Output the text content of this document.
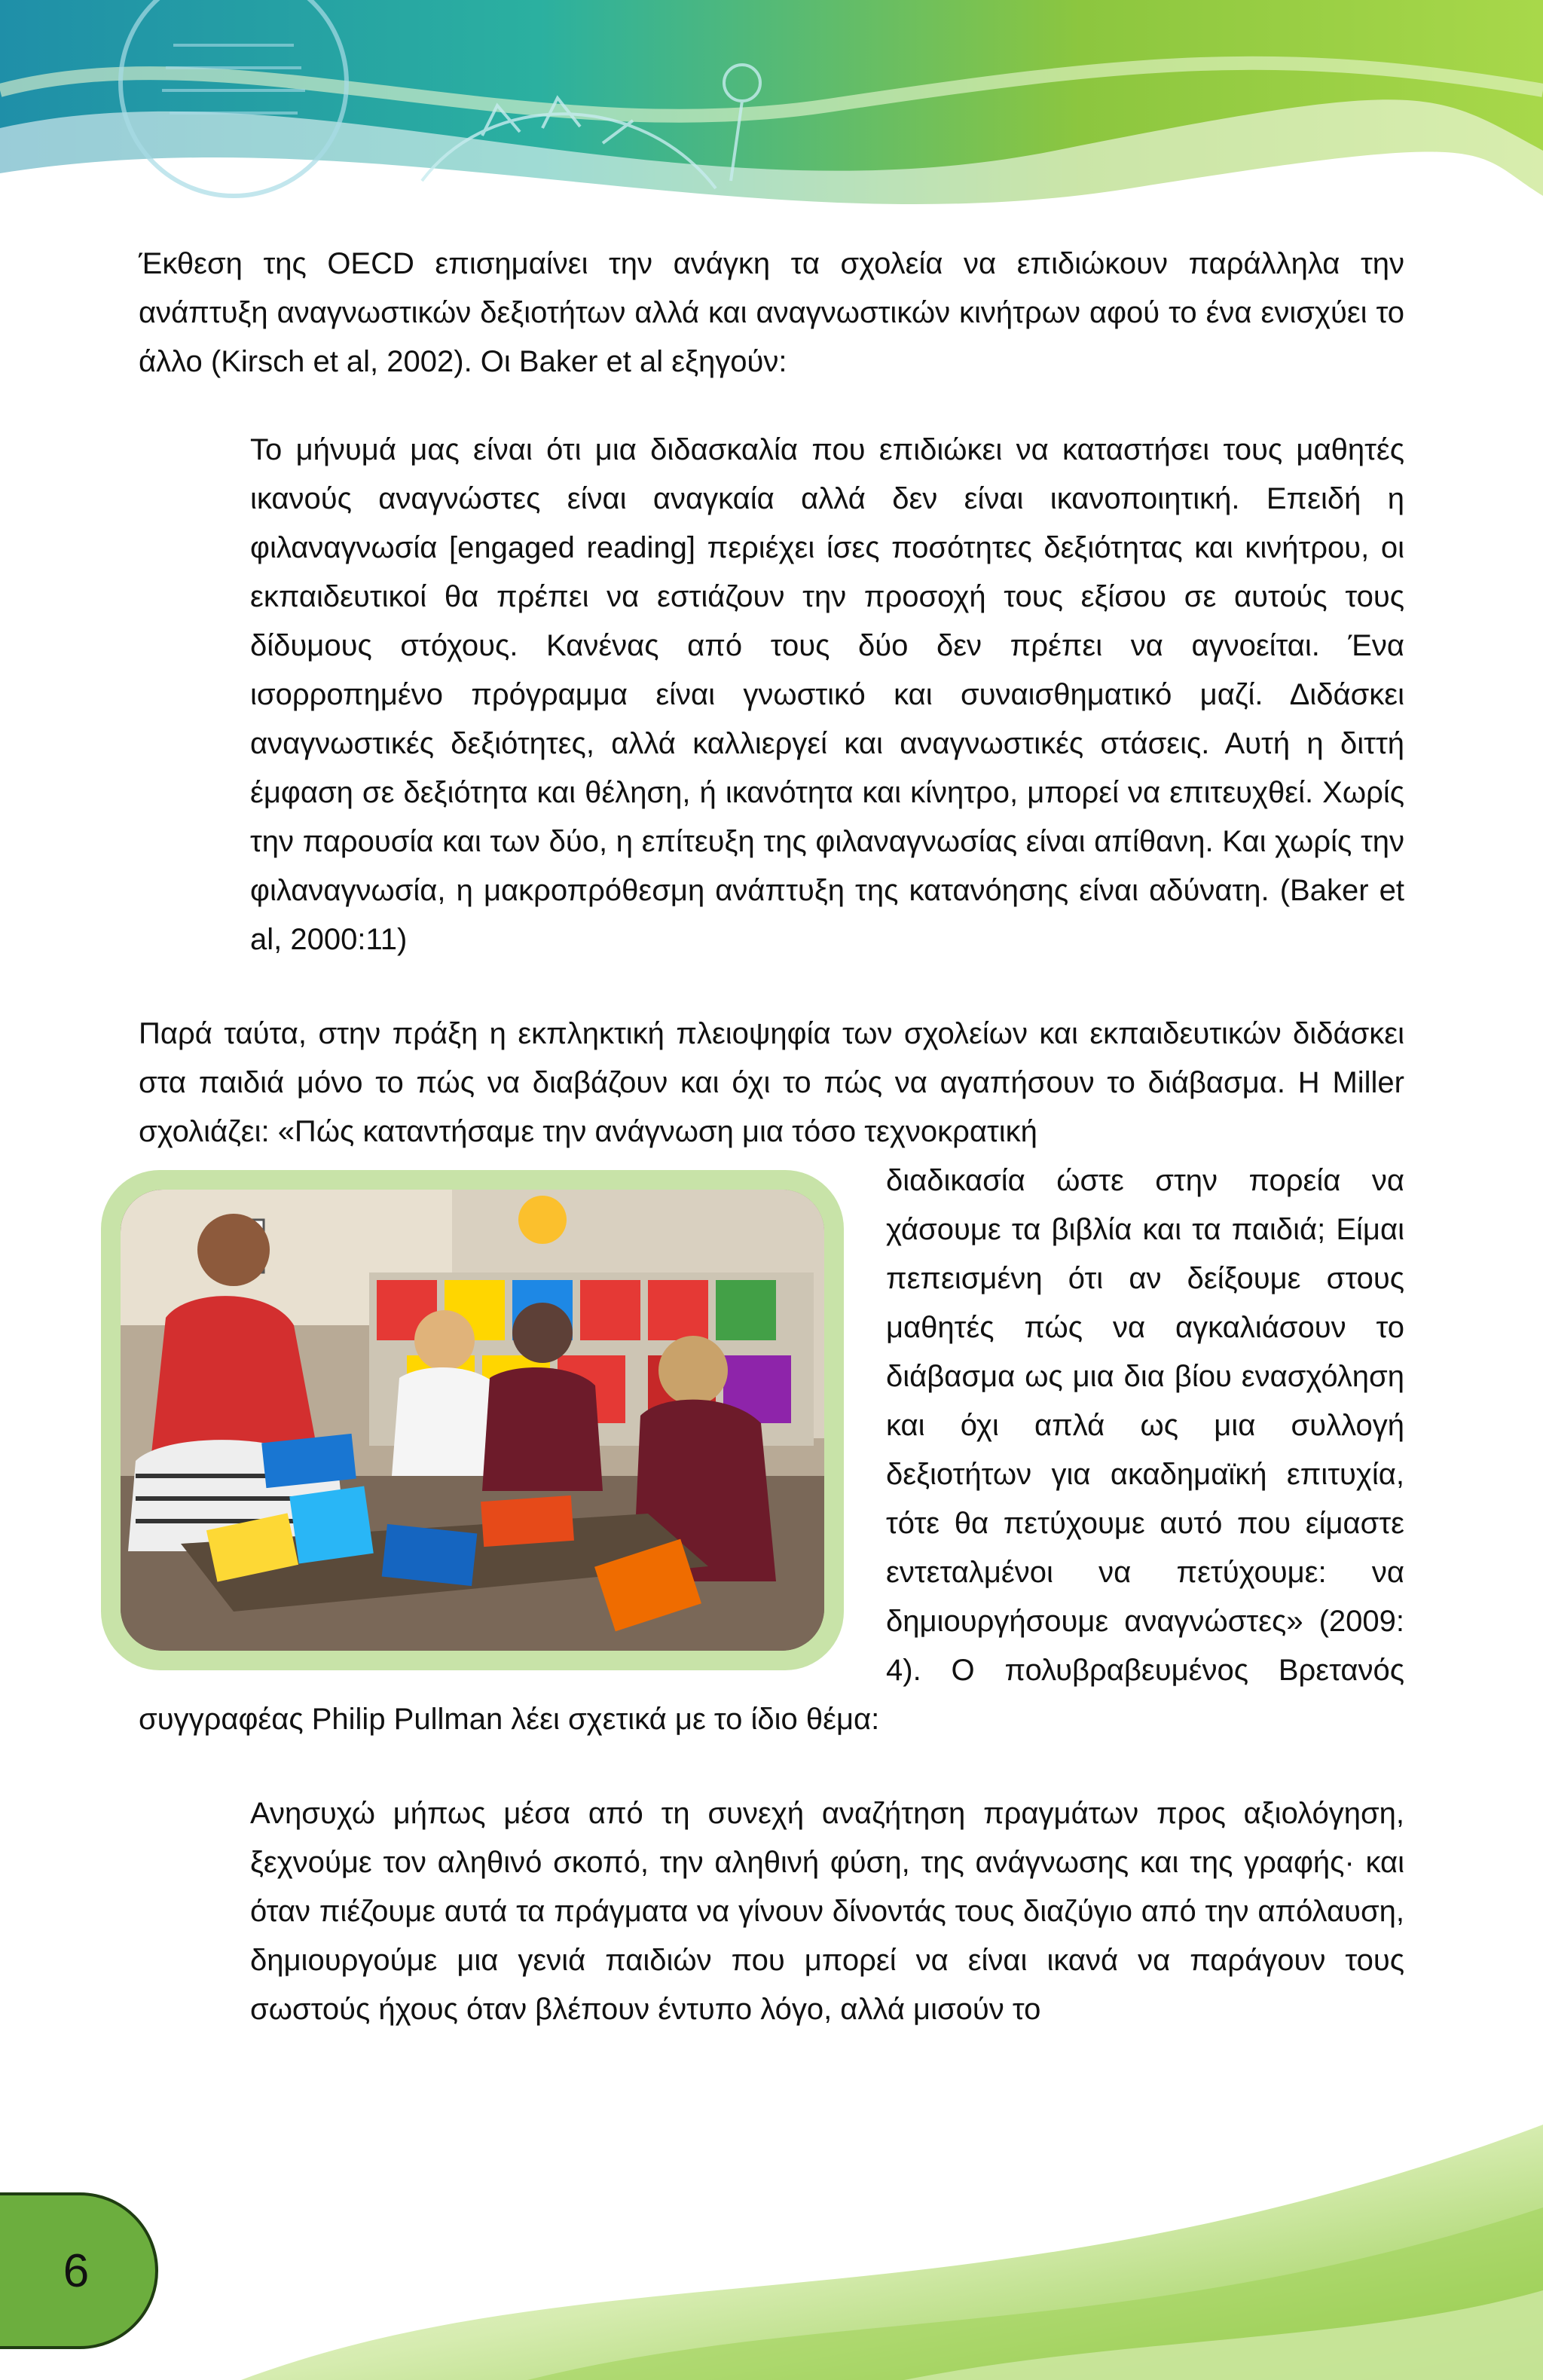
Έκθεση της OECD επισημαίνει την ανάγκη τα σχολεία να επιδιώκουν παράλληλα την ανάπτυξη αναγνωστικών δεξιοτήτων αλλά και αναγνωστικών κινήτρων αφού το ένα ενισχύει το άλλο (Kirsch et al, 2002). Οι Baker et al εξηγούν:

Το μήνυμά μας είναι ότι μια διδασκαλία που επιδιώκει να καταστήσει τους μαθητές ικανούς αναγνώστες είναι αναγκαία αλλά δεν είναι ικανοποιητική. Επειδή η φιλαναγνωσία [engaged reading] περιέχει ίσες ποσότητες δεξιότητας και κινήτρου, οι εκπαιδευτικοί θα πρέπει να εστιάζουν την προσοχή τους εξίσου σε αυτούς τους δίδυμους στόχους. Κανένας από τους δύο δεν πρέπει να αγνοείται. Ένα ισορροπημένο πρόγραμμα είναι γνωστικό και συναισθηματικό μαζί. Διδάσκει αναγνωστικές δεξιότητες, αλλά καλλιεργεί και αναγνωστικές στάσεις. Αυτή η διττή έμφαση σε δεξιότητα και θέληση, ή ικανότητα και κίνητρο, μπορεί να επιτευχθεί. Χωρίς την παρουσία και των δύο, η επίτευξη της φιλαναγνωσίας είναι απίθανη. Και χωρίς την φιλαναγνωσία, η μακροπρόθεσμη ανάπτυξη της κατανόησης είναι αδύνατη. (Baker et al, 2000:11)

Παρά ταύτα, στην πράξη η εκπληκτική πλειοψηφία των σχολείων και εκπαιδευτικών διδάσκει στα παιδιά μόνο το πώς να διαβάζουν και όχι το πώς να αγαπήσουν το διάβασμα. Η Miller σχολιάζει: «Πώς καταντήσαμε την ανάγνωση μια τόσο τεχνοκρατική

διαδικασία ώστε στην πορεία να χάσουμε τα βιβλία και τα παιδιά; Είμαι πεπεισμένη ότι αν δείξουμε στους μαθητές πώς να αγκαλιάσουν το διάβασμα ως μια δια βίου ενασχόληση και όχι απλά ως μια συλλογή δεξιοτήτων για ακαδημαϊκή επιτυχία, τότε θα πετύχουμε αυτό που είμαστε εντεταλμένοι να πετύχουμε: να δημιουργήσουμε αναγνώστες» (2009: 4). Ο πολυβραβευμένος Βρετανός συγγραφέας Philip Pullman λέει σχετικά με το ίδιο θέμα:

Ανησυχώ μήπως μέσα από τη συνεχή αναζήτηση πραγμάτων προς αξιολόγηση, ξεχνούμε τον αληθινό σκοπό, την αληθινή φύση, της ανάγνωσης και της γραφής· και όταν πιέζουμε αυτά τα πράγματα να γίνουν δίνοντάς τους διαζύγιο από την απόλαυση, δημιουργούμε μια γενιά παιδιών που μπορεί να είναι ικανά να παράγουν τους σωστούς ήχους όταν βλέπουν έντυπο λόγο, αλλά μισούν το

6
